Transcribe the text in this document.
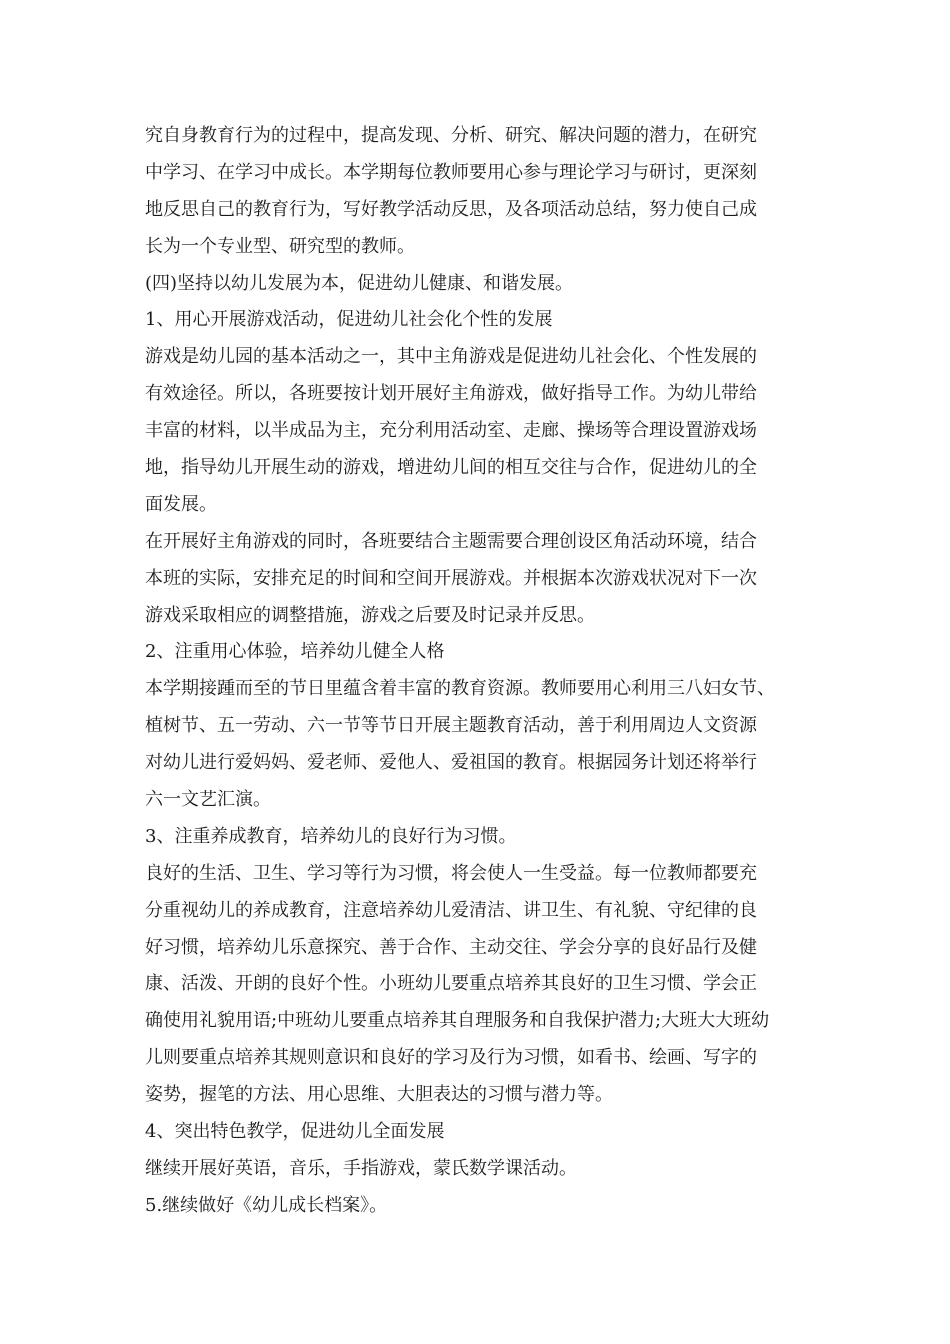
究自身教育行为的过程中，提高发现、分析、研究、解决问题的潜力，在研究
中学习、在学习中成长。本学期每位教师要用心参与理论学习与研讨，更深刻
地反思自己的教育行为，写好教学活动反思，及各项活动总结，努力使自己成
长为一个专业型、研究型的教师。
(四)坚持以幼儿发展为本，促进幼儿健康、和谐发展。
1、用心开展游戏活动，促进幼儿社会化个性的发展
游戏是幼儿园的基本活动之一，其中主角游戏是促进幼儿社会化、个性发展的
有效途径。所以，各班要按计划开展好主角游戏，做好指导工作。为幼儿带给
丰富的材料，以半成品为主，充分利用活动室、走廊、操场等合理设置游戏场
地，指导幼儿开展生动的游戏，增进幼儿间的相互交往与合作，促进幼儿的全
面发展。
在开展好主角游戏的同时，各班要结合主题需要合理创设区角活动环境，结合
本班的实际，安排充足的时间和空间开展游戏。并根据本次游戏状况对下一次
游戏采取相应的调整措施，游戏之后要及时记录并反思。
2、注重用心体验，培养幼儿健全人格
本学期接踵而至的节日里蕴含着丰富的教育资源。教师要用心利用三八妇女节、
植树节、五一劳动、六一节等节日开展主题教育活动，善于利用周边人文资源
对幼儿进行爱妈妈、爱老师、爱他人、爱祖国的教育。根据园务计划还将举行
六一文艺汇演。
3、注重养成教育，培养幼儿的良好行为习惯。
良好的生活、卫生、学习等行为习惯，将会使人一生受益。每一位教师都要充
分重视幼儿的养成教育，注意培养幼儿爱清洁、讲卫生、有礼貌、守纪律的良
好习惯，培养幼儿乐意探究、善于合作、主动交往、学会分享的良好品行及健
康、活泼、开朗的良好个性。小班幼儿要重点培养其良好的卫生习惯、学会正
确使用礼貌用语;中班幼儿要重点培养其自理服务和自我保护潜力;大班大大班幼
儿则要重点培养其规则意识和良好的学习及行为习惯，如看书、绘画、写字的
姿势，握笔的方法、用心思维、大胆表达的习惯与潜力等。
4、突出特色教学，促进幼儿全面发展
继续开展好英语，音乐，手指游戏，蒙氏数学课活动。
5.继续做好《幼儿成长档案》。
